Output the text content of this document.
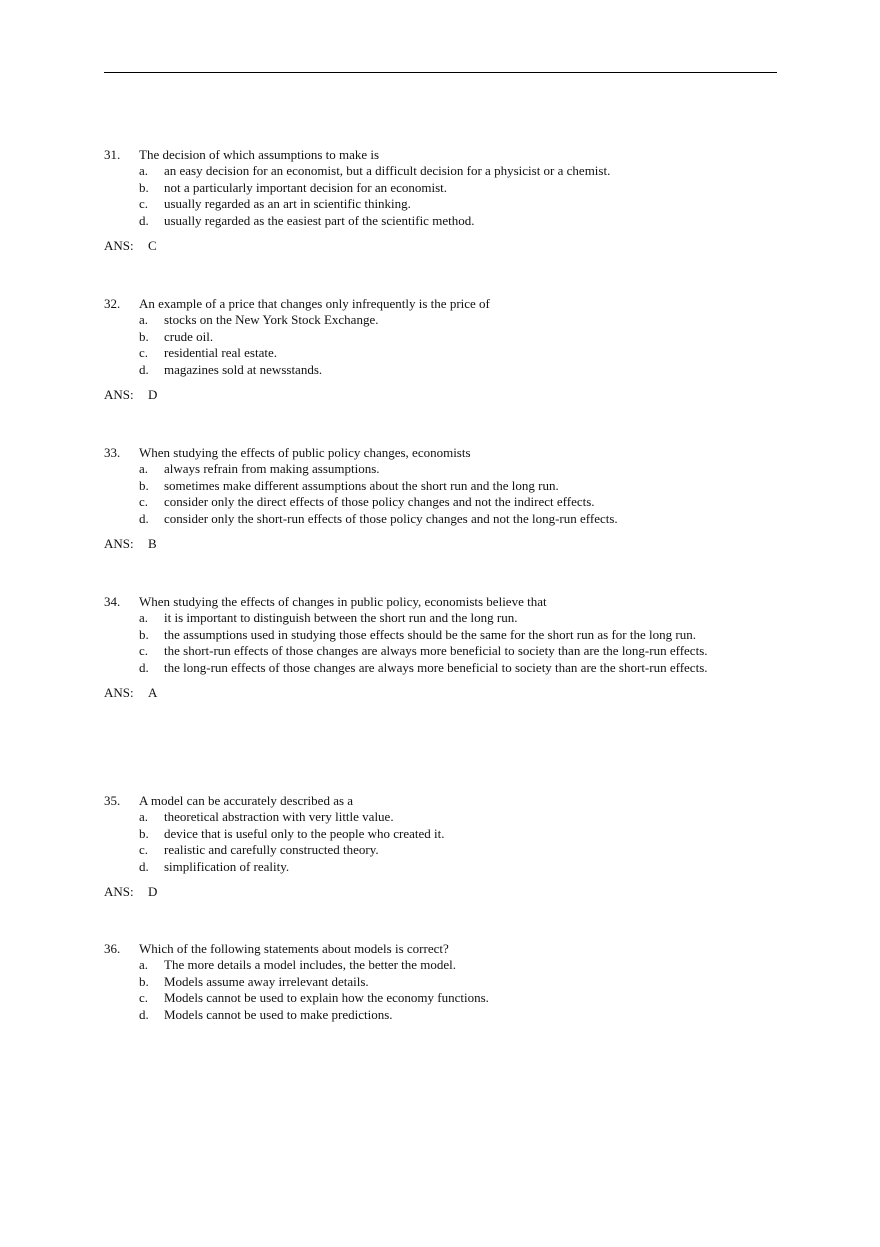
31. The decision of which assumptions to make is
a. an easy decision for an economist, but a difficult decision for a physicist or a chemist.
b. not a particularly important decision for an economist.
c. usually regarded as an art in scientific thinking.
d. usually regarded as the easiest part of the scientific method.
ANS: C
32. An example of a price that changes only infrequently is the price of
a. stocks on the New York Stock Exchange.
b. crude oil.
c. residential real estate.
d. magazines sold at newsstands.
ANS: D
33. When studying the effects of public policy changes, economists
a. always refrain from making assumptions.
b. sometimes make different assumptions about the short run and the long run.
c. consider only the direct effects of those policy changes and not the indirect effects.
d. consider only the short-run effects of those policy changes and not the long-run effects.
ANS: B
34. When studying the effects of changes in public policy, economists believe that
a. it is important to distinguish between the short run and the long run.
b. the assumptions used in studying those effects should be the same for the short run as for the long run.
c. the short-run effects of those changes are always more beneficial to society than are the long-run effects.
d. the long-run effects of those changes are always more beneficial to society than are the short-run effects.
ANS: A
35. A model can be accurately described as a
a. theoretical abstraction with very little value.
b. device that is useful only to the people who created it.
c. realistic and carefully constructed theory.
d. simplification of reality.
ANS: D
36. Which of the following statements about models is correct?
a. The more details a model includes, the better the model.
b. Models assume away irrelevant details.
c. Models cannot be used to explain how the economy functions.
d. Models cannot be used to make predictions.
